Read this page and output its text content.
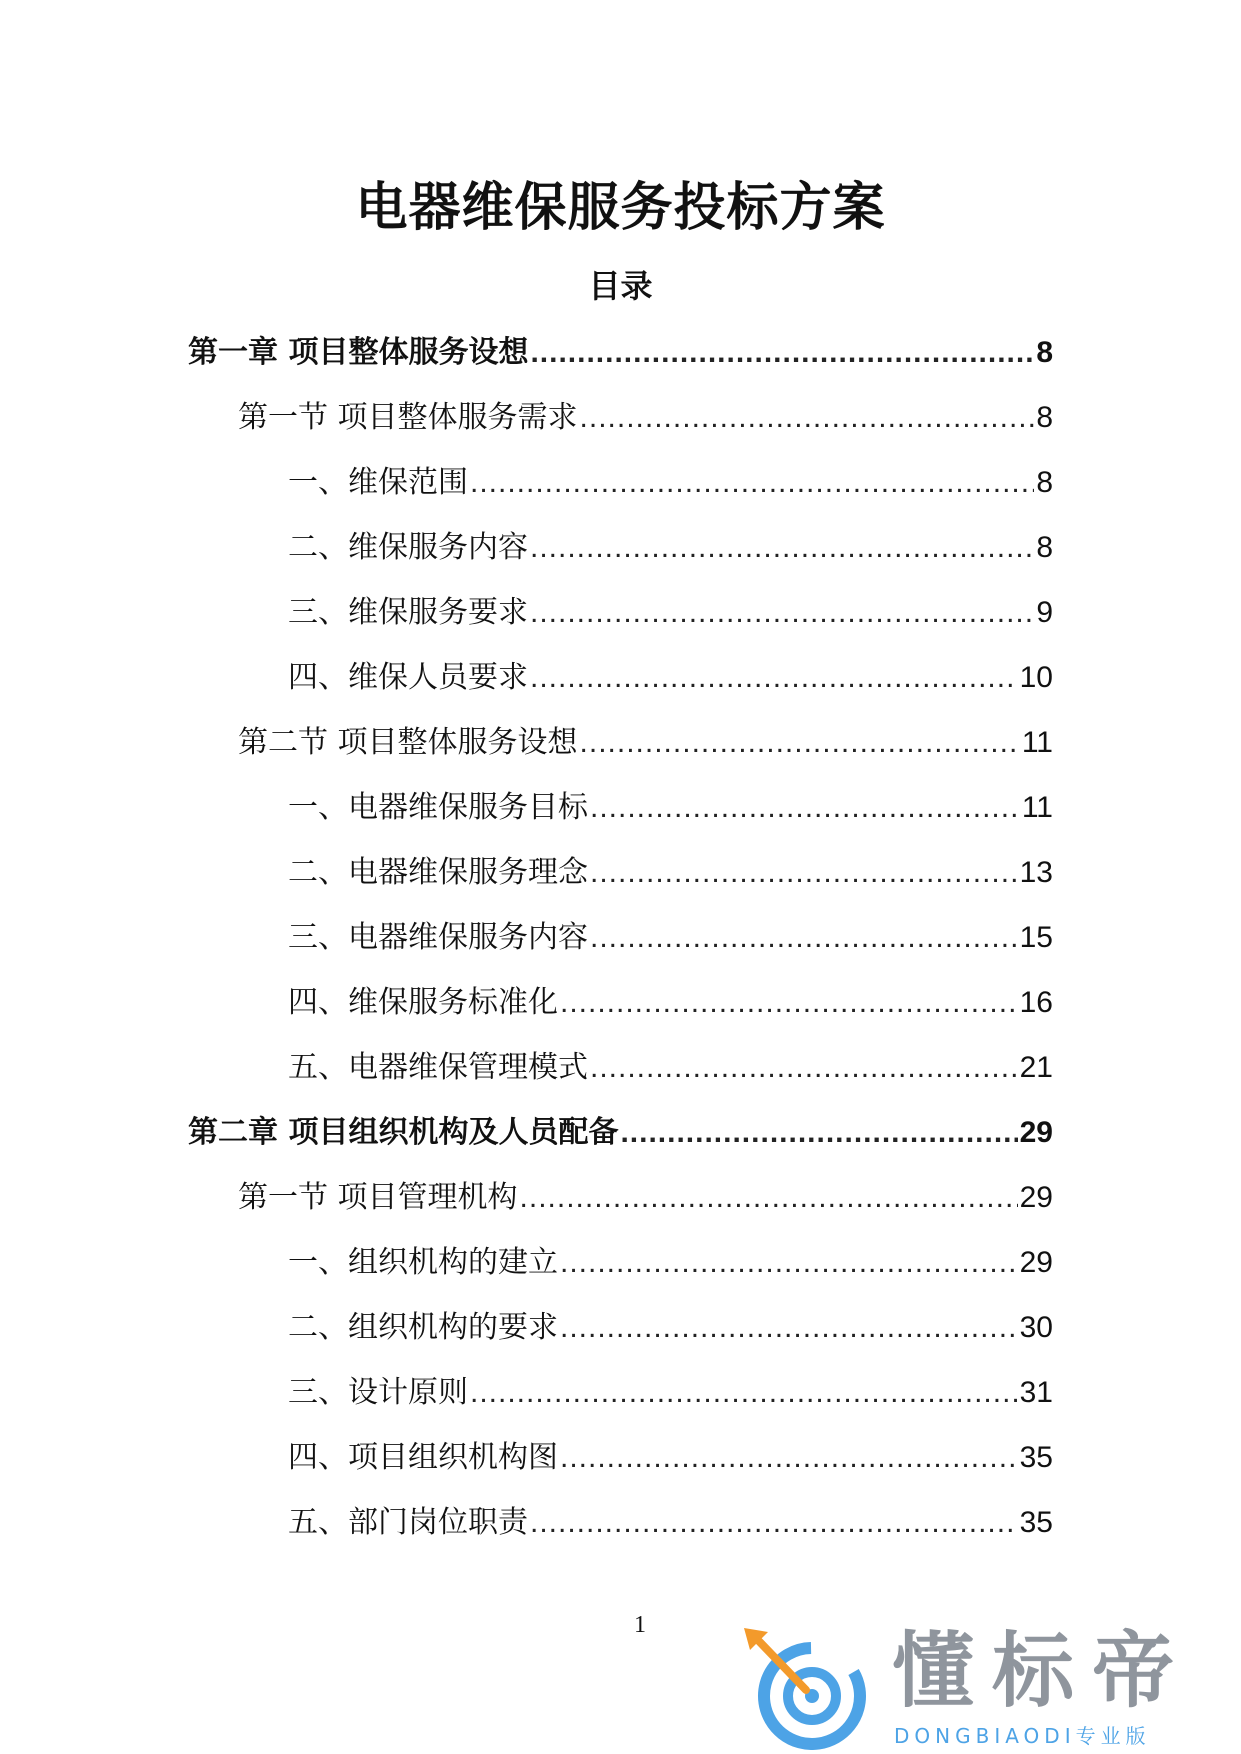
电器维保服务投标方案
目录
第一章 项目整体服务设想 .....	8
第一节 项目整体服务需求 .....	8
一、维保范围 .....	8
二、维保服务内容 .....	8
三、维保服务要求 .....	9
四、维保人员要求 .....	10
第二节 项目整体服务设想 .....	11
一、电器维保服务目标 .....	11
二、电器维保服务理念 .....	13
三、电器维保服务内容 .....	15
四、维保服务标准化 .....	16
五、电器维保管理模式 .....	21
第二章 项目组织机构及人员配备 .....	29
第一节 项目管理机构 .....	29
一、组织机构的建立 .....	29
二、组织机构的要求 .....	30
三、设计原则 .....	31
四、项目组织机构图 .....	35
五、部门岗位职责 .....	35
1	懂标帝
DONGBIAODI专业版
